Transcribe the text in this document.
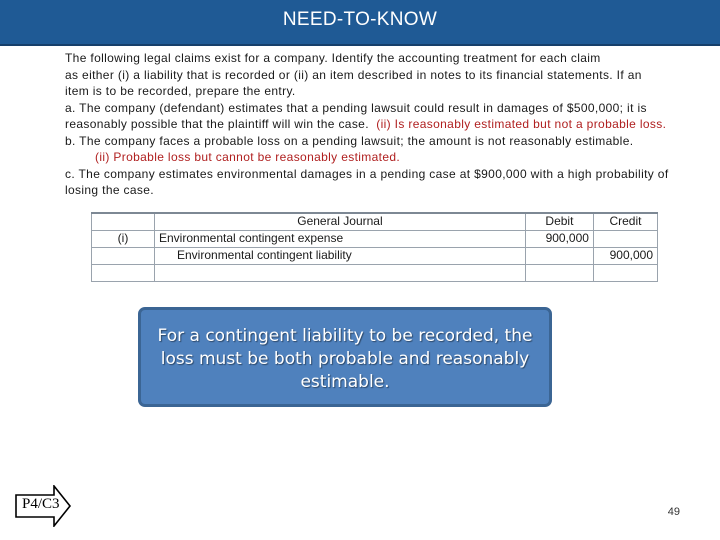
NEED-TO-KNOW

The following legal claims exist for a company. Identify the accounting treatment for each claim

as either (i) a liability that is recorded or (ii) an item described in notes to its financial statements. If an

item is to be recorded, prepare the entry.

a. The company (defendant) estimates that a pending lawsuit could result in damages of $500,000; it is

reasonably possible that the plaintiff will win the case. (ii) Is reasonably estimated but not a probable loss.

b. The company faces a probable loss on a pending lawsuit; the amount is not reasonably estimable.

(ii) Probable loss but cannot be reasonably estimated.

c. The company estimates environmental damages in a pending case at $900,000 with a high probability of

losing the case.

	General Journal	Debit	Credit
(i)	Environmental contingent expense	900,000	
	Environmental contingent liability		900,000

For a contingent liability to be recorded, the loss must be both probable and reasonably estimable.
P4/C3	49
